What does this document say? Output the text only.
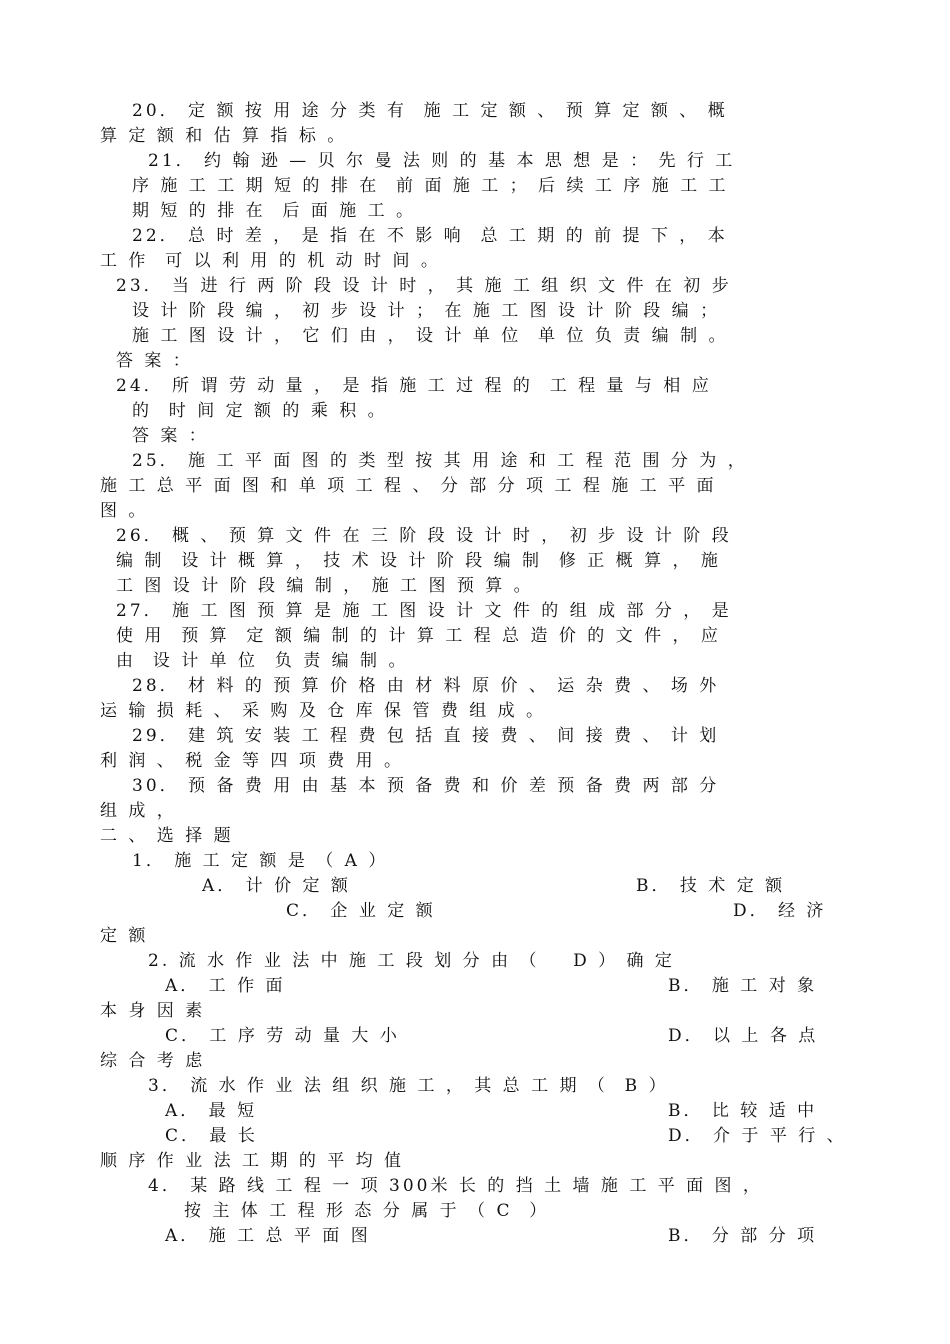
20． 定 额 按 用 途 分 类 有  施 工 定 额 、 预 算 定 额 、 概
算 定 额 和 估 算 指 标 。
21． 约 翰 逊 — 贝 尔 曼 法 则 的 基 本 思 想 是 ： 先 行 工
序 施 工 工 期 短 的 排 在  前 面 施 工 ； 后 续 工 序 施 工 工
期 短 的 排 在  后 面 施 工 。
22． 总 时 差 ， 是 指 在 不 影 响  总 工 期 的 前 提 下 ， 本
工 作  可 以 利 用 的 机 动 时 间 。
23． 当 进 行 两 阶 段 设 计 时 ， 其 施 工 组 织 文 件 在 初 步
设 计 阶 段 编 ， 初 步 设 计 ； 在 施 工 图 设 计 阶 段 编 ；
施 工 图 设 计 ， 它 们 由 ， 设 计 单 位  单 位 负 责 编 制 。
答 案 ：
24． 所 谓 劳 动 量 ， 是 指 施 工 过 程 的  工 程 量 与 相 应
的  时 间 定 额 的 乘 积 。
答 案 ：
25． 施 工 平 面 图 的 类 型 按 其 用 途 和 工 程 范 围 分 为 ，
施 工 总 平 面 图 和 单 项 工 程 、 分 部 分 项 工 程 施 工 平 面
图 。
26． 概 、 预 算 文 件 在 三 阶 段 设 计 时 ， 初 步 设 计 阶 段
编 制  设 计 概 算 ， 技 术 设 计 阶 段 编 制  修 正 概 算 ， 施
工 图 设 计 阶 段 编 制 ， 施 工 图 预 算 。
27． 施 工 图 预 算 是 施 工 图 设 计 文 件 的 组 成 部 分 ， 是
使 用  预 算  定 额 编 制 的 计 算 工 程 总 造 价 的 文 件 ， 应
由  设 计 单 位  负 责 编 制 。
28． 材 料 的 预 算 价 格 由 材 料 原 价 、 运 杂 费 、 场 外
运 输 损 耗 、 采 购 及 仓 库 保 管 费 组 成 。
29． 建 筑 安 装 工 程 费 包 括 直 接 费 、 间 接 费 、 计 划
利 润 、 税 金 等 四 项 费 用 。
30． 预 备 费 用 由 基 本 预 备 费 和 价 差 预 备 费 两 部 分
组 成 ，
二 、 选 择 题
1． 施 工 定 额 是 （ A ）

A． 计 价 定 额

	B． 技 术 定 额

C． 企 业 定 额

	D． 经 济

定 额
2. 流 水 作 业 法 中 施 工 段 划 分 由 （    D ） 确 定

A． 工 作 面

	B． 施 工 对 象

本 身 因 素

C． 工 序 劳 动 量 大 小

	D． 以 上 各 点

综 合 考 虑
3． 流 水 作 业 法 组 织 施 工 ， 其 总 工 期 （  B ）

A． 最 短

	B． 比 较 适 中

C． 最 长

	D． 介 于 平 行 、

顺 序 作 业 法 工 期 的 平 均 值
4． 某 路 线 工 程 一 项 300米 长 的 挡 土 墙 施 工 平 面 图 ，
按 主 体 工 程 形 态 分 属 于 （ C  ）

A． 施 工 总 平 面 图

	B． 分 部 分 项
